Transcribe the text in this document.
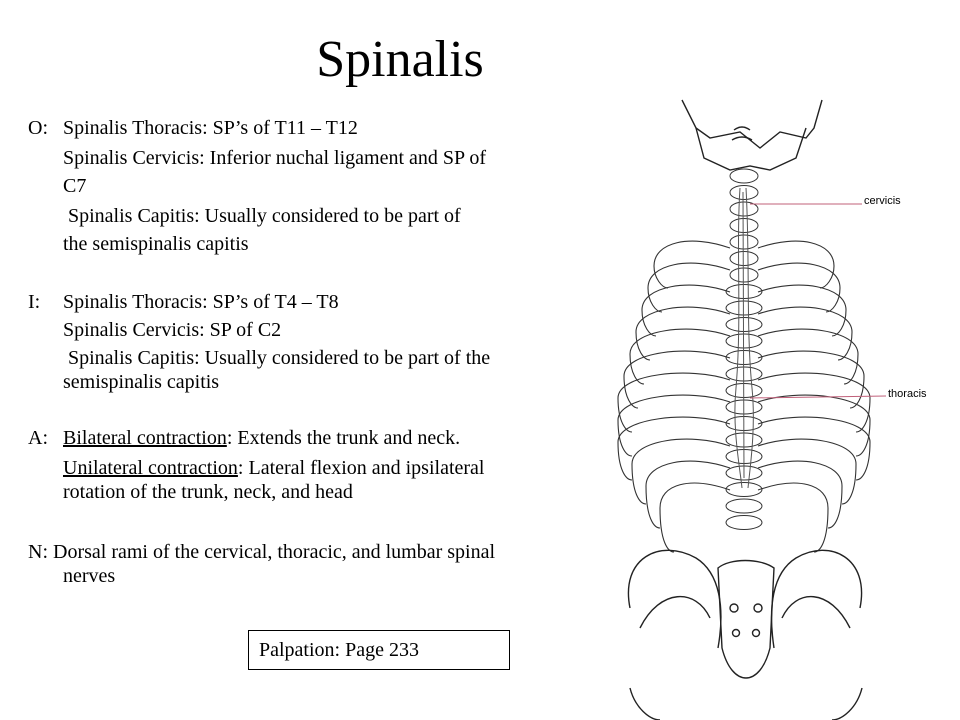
Spinalis
O: Spinalis Thoracis: SP’s of T11 – T12
Spinalis Cervicis: Inferior nuchal ligament and SP of
C7
Spinalis Capitis: Usually considered to be part of
the semispinalis capitis
I: Spinalis Thoracis: SP’s of T4 – T8
Spinalis Cervicis: SP of C2
Spinalis Capitis: Usually considered to be part of the
semispinalis capitis
A: Bilateral contraction: Extends the trunk and neck.
Unilateral contraction: Lateral flexion and ipsilateral
rotation of the trunk, neck, and head
N: Dorsal rami of the cervical, thoracic, and lumbar spinal
nerves
Palpation: Page 233
cervicis
thoracis
